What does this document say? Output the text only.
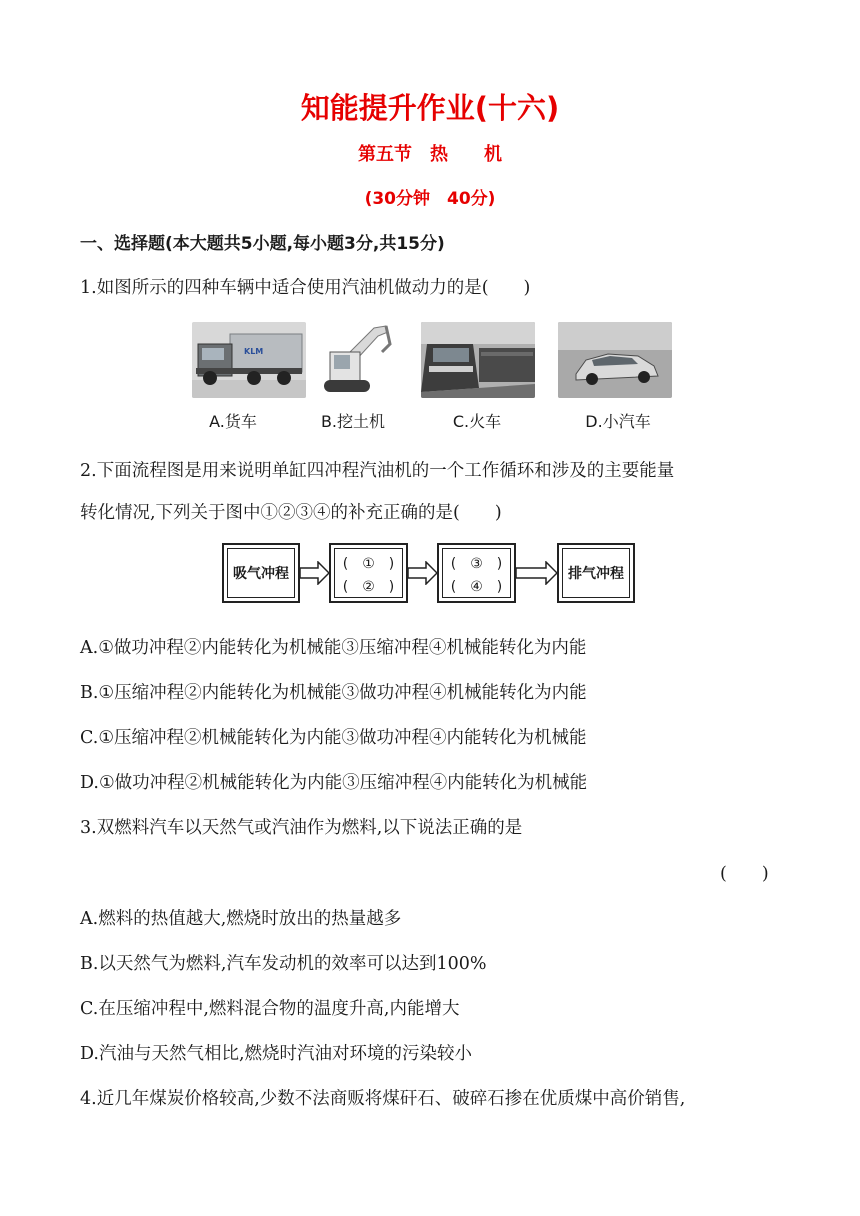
知能提升作业(十六)
第五节　热　　机
(30分钟　40分)
一、选择题(本大题共5小题,每小题3分,共15分)
1.如图所示的四种车辆中适合使用汽油机做动力的是(　　)
KLM
A.货车	B.挖土机	C.火车	D.小汽车
2.下面流程图是用来说明单缸四冲程汽油机的一个工作循环和涉及的主要能量
转化情况,下列关于图中①②③④的补充正确的是(　　)
吸气冲程
(　①　)
(　②　)
(　③　)
(　④　)
排气冲程
A.①做功冲程②内能转化为机械能③压缩冲程④机械能转化为内能
B.①压缩冲程②内能转化为机械能③做功冲程④机械能转化为内能
C.①压缩冲程②机械能转化为内能③做功冲程④内能转化为机械能
D.①做功冲程②机械能转化为内能③压缩冲程④内能转化为机械能
3.双燃料汽车以天然气或汽油作为燃料,以下说法正确的是
(　　)
A.燃料的热值越大,燃烧时放出的热量越多
B.以天然气为燃料,汽车发动机的效率可以达到100%
C.在压缩冲程中,燃料混合物的温度升高,内能增大
D.汽油与天然气相比,燃烧时汽油对环境的污染较小
4.近几年煤炭价格较高,少数不法商贩将煤矸石、破碎石掺在优质煤中高价销售,
